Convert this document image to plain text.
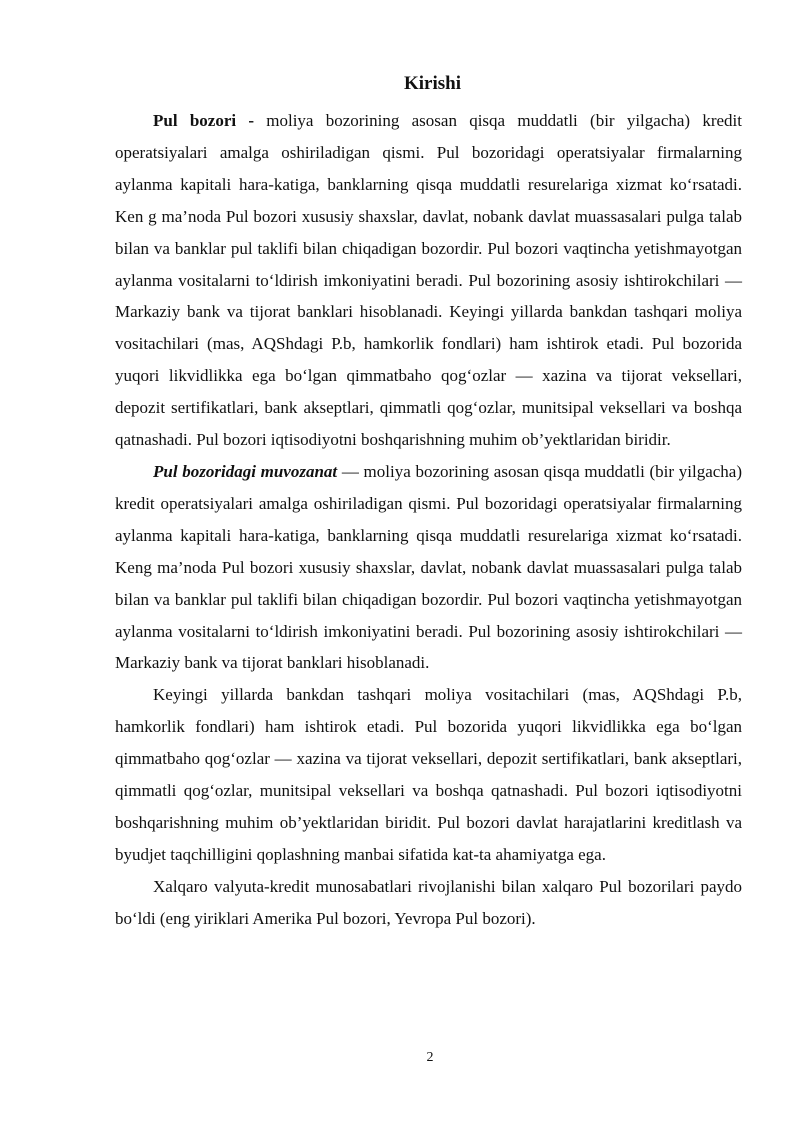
Kirishi

Pul bozori - moliya bozorining asosan qisqa muddatli (bir yilgacha) kredit operatsiyalari amalga oshiriladigan qismi. Pul bozoridagi operatsiyalar firmalarning aylanma kapitali hara-katiga, banklarning qisqa muddatli resurelariga xizmat ko‘rsatadi. Ken g ma’noda Pul bozori xususiy shaxslar, davlat, nobank davlat muassasalari pulga talab bilan va banklar pul taklifi bilan chiqadigan bozordir. Pul bozori vaqtincha yetishmayotgan aylanma vositalarni to‘ldirish imkoniyatini beradi. Pul bozorining asosiy ishtirokchilari — Markaziy bank va tijorat banklari hisoblanadi. Keyingi yillarda bankdan tashqari moliya vositachilari (mas, AQShdagi P.b, hamkorlik fondlari) ham ishtirok etadi. Pul bozorida yuqori likvidlikka ega bo‘lgan qimmatbaho qog‘ozlar — xazina va tijorat veksellari, depozit sertifikatlari, bank akseptlari, qimmatli qog‘ozlar, munitsipal veksellari va boshqa qatnashadi. Pul bozori iqtisodiyotni boshqarishning muhim ob’yektlaridan biridir.

Pul bozoridagi muvozanat — moliya bozorining asosan qisqa muddatli (bir yilgacha) kredit operatsiyalari amalga oshiriladigan qismi. Pul bozoridagi operatsiyalar firmalarning aylanma kapitali hara-katiga, banklarning qisqa muddatli resurelariga xizmat ko‘rsatadi. Keng ma’noda Pul bozori xususiy shaxslar, davlat, nobank davlat muassasalari pulga talab bilan va banklar pul taklifi bilan chiqadigan bozordir. Pul bozori vaqtincha yetishmayotgan aylanma vositalarni to‘ldirish imkoniyatini beradi. Pul bozorining asosiy ishtirokchilari — Markaziy bank va tijorat banklari hisoblanadi.

Keyingi yillarda bankdan tashqari moliya vositachilari (mas, AQShdagi P.b, hamkorlik fondlari) ham ishtirok etadi. Pul bozorida yuqori likvidlikka ega bo‘lgan qimmatbaho qog‘ozlar — xazina va tijorat veksellari, depozit sertifikatlari, bank akseptlari, qimmatli qog‘ozlar, munitsipal veksellari va boshqa qatnashadi. Pul bozori iqtisodiyotni boshqarishning muhim ob’yektlaridan biridit. Pul bozori davlat harajatlarini kreditlash va byudjet taqchilligini qoplashning manbai sifatida kat-ta ahamiyatga ega.

Xalqaro valyuta-kredit munosabatlari rivojlanishi bilan xalqaro Pul bozorilari paydo bo‘ldi (eng yiriklari Amerika Pul bozori, Yevropa Pul bozori).

2
